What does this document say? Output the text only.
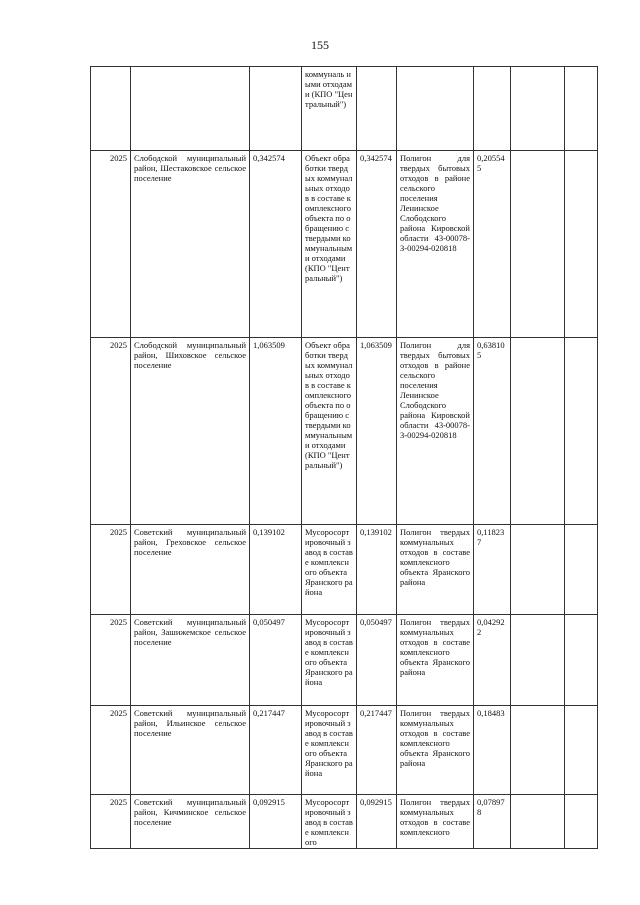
155

			коммуналь ными отходами (КПО "Центральный")					

2025	Слободской муниципальный район, Шестаковское сельское поселение	0,342574	Объект обработки твердых коммунальных отходов в составе комплексного объекта по обращению с твердыми коммунальными отходами (КПО "Центральный")	0,342574	Полигон для твердых бытовых отходов в районе сельского поселения Ленинское Слободского района Кировской области 43-00078-З-00294-020818	0,205545		

2025	Слободской муниципальный район, Шиховское сельское поселение	1,063509	Объект обработки твердых коммунальных отходов в составе комплексного объекта по обращению с твердыми коммунальными отходами (КПО "Центральный")	1,063509	Полигон для твердых бытовых отходов в районе сельского поселения Ленинское Слободского района Кировской области 43-00078-З-00294-020818	0,638105		

2025	Советский муниципальный район, Греховское сельское поселение	0,139102	Мусоросортировочный завод в составе комплексного объекта Яранского района	0,139102	Полигон твердых коммунальных отходов в составе комплексного объекта Яранского района	0,118237		

2025	Советский муниципальный район, Зашижемское сельское поселение	0,050497	Мусоросортировочный завод в составе комплексного объекта Яранского района	0,050497	Полигон твердых коммунальных отходов в составе комплексного объекта Яранского района	0,042922		

2025	Советский муниципальный район, Ильинское сельское поселение	0,217447	Мусоросортировочный завод в составе комплексного объекта Яранского района	0,217447	Полигон твердых коммунальных отходов в составе комплексного объекта Яранского района	0,18483		

2025	Советский муниципальный район, Кичминское сельское поселение	0,092915	Мусоросортировочный завод в составе комплексного	0,092915	Полигон твердых коммунальных отходов в составе комплексного	0,078978		
